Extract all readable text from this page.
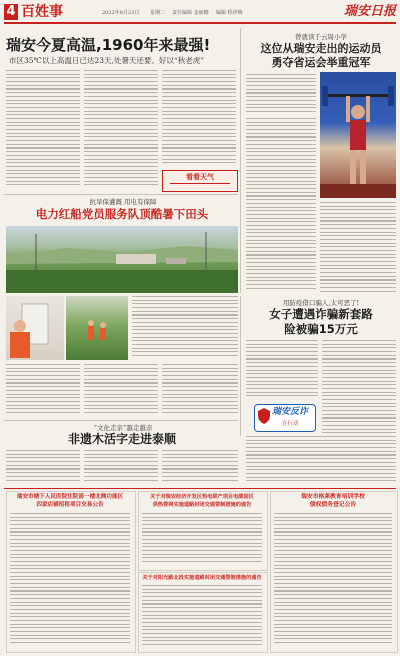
4 百姓事	2022年8月23日 星期二 责任编辑 金丽娜 编辑 程伊梅	瑞安日报
瑞安今夏高温,1960年来最强!
市区35℃以上高温日已达23天,处暑天还要、好以“秋老虎”
看看天气
曾就读于云周小学
这位从瑞安走出的运动员
勇夺省运会举重冠军
抗旱保灌溉 用电有保障
电力红船党员服务队顶酷暑下田头
用防疫借口骗人,太可恶了!
女子遭遇诈骗新套路
险被骗15万元
瑞安反诈
在行动
“文化走亲”越走越亲
非遗木活字走进泰顺
瑞安市塘下人民医院住院部一楼北侧功能区
四家店铺招租项目交易公告
关于对瑞安经济开发区热电联产项目电缆固区
供热管网实施道路封闭交通管制措施的通告
关于对阳光路北段实施道路封闭交通管制措施的通告
瑞安市格莱教育培训学校
债权债务登记公告
